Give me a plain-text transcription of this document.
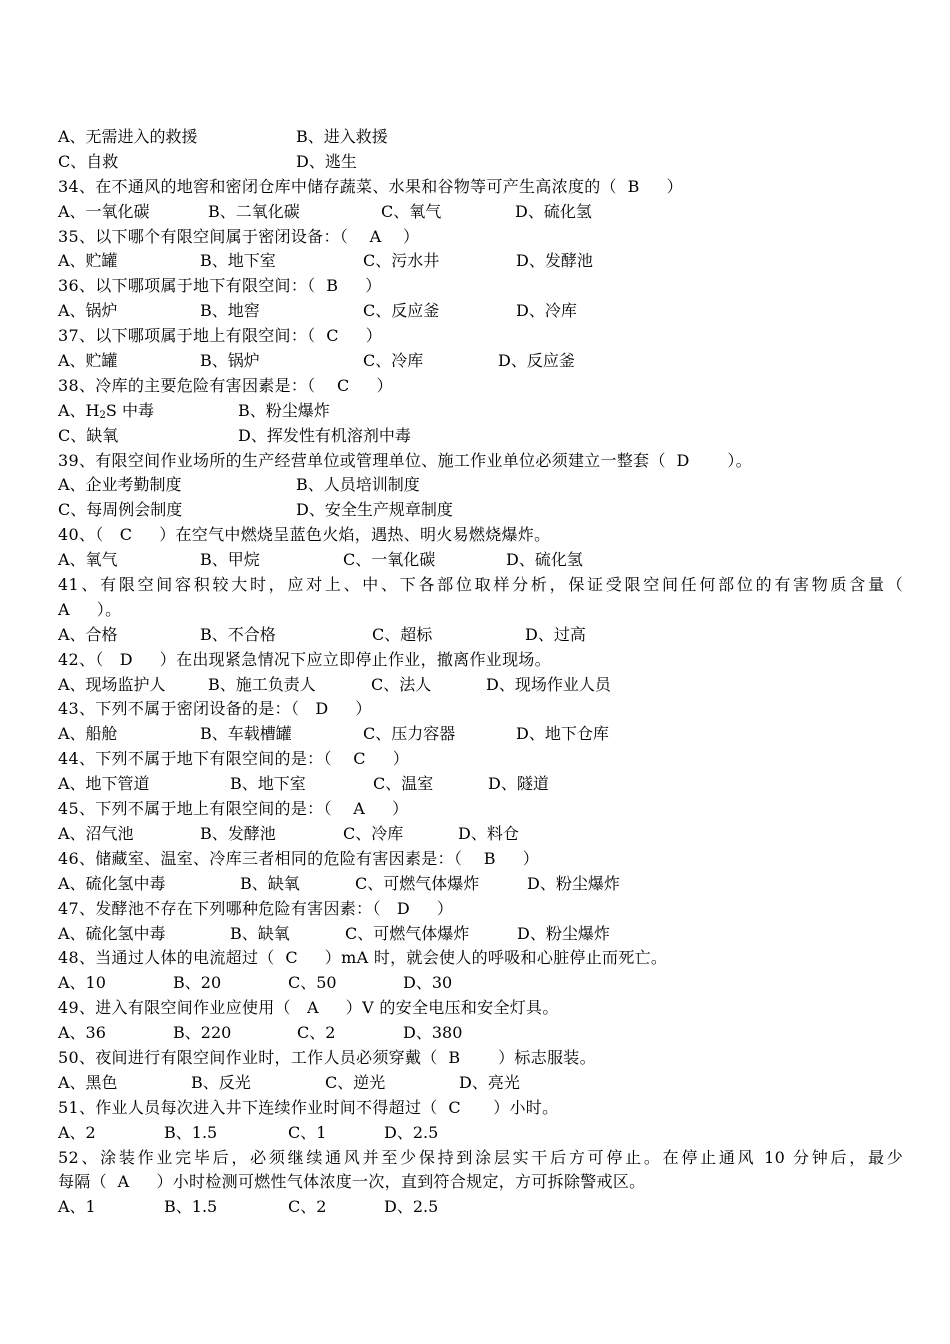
A、无需进入的救援	B、进入救援
C、自救	D、逃生
34、在不通风的地窖和密闭仓库中储存蔬菜、水果和谷物等可产生高浓度的（  B     ）
A、一氧化碳	B、二氧化碳	C、氧气	D、硫化氢
35、以下哪个有限空间属于密闭设备：（    A    ）
A、贮罐	B、地下室	C、污水井	D、发酵池
36、以下哪项属于地下有限空间：（  B     ）
A、锅炉	B、地窖	C、反应釜	D、冷库
37、以下哪项属于地上有限空间：（  C     ）
A、贮罐	B、锅炉	C、冷库	D、反应釜
38、冷库的主要危险有害因素是：（    C     ）
A、$H_2S$ 中毒	B、粉尘爆炸
C、缺氧	D、挥发性有机溶剂中毒
39、有限空间作业场所的生产经营单位或管理单位、施工作业单位必须建立一整套（  D       ）。
A、企业考勤制度	B、人员培训制度
C、每周例会制度	D、安全生产规章制度
40、（   C     ）在空气中燃烧呈蓝色火焰，遇热、明火易燃烧爆炸。
A、氧气	B、甲烷	C、一氧化碳	D、硫化氢
41、有限空间容积较大时，应对上、中、下各部位取样分析，保证受限空间任何部位的有害物质含量（
A     ）。
A、合格	B、不合格	C、超标	D、过高
42、（   D     ）在出现紧急情况下应立即停止作业，撤离作业现场。
A、现场监护人	B、施工负责人	C、法人	D、现场作业人员
43、下列不属于密闭设备的是：（   D     ）
A、船舱	B、车载槽罐	C、压力容器	D、地下仓库
44、下列不属于地下有限空间的是：（    C     ）
A、地下管道	B、地下室	C、温室	D、隧道
45、下列不属于地上有限空间的是：（    A     ）
A、沼气池	B、发酵池	C、冷库	D、料仓
46、储藏室、温室、冷库三者相同的危险有害因素是：（    B     ）
A、硫化氢中毒	B、缺氧	C、可燃气体爆炸	D、粉尘爆炸
47、发酵池不存在下列哪种危险有害因素：（   D     ）
A、硫化氢中毒	B、缺氧	C、可燃气体爆炸	D、粉尘爆炸
48、当通过人体的电流超过（  C     ）mA 时，就会使人的呼吸和心脏停止而死亡。
A、10	B、20	C、50	D、30
49、进入有限空间作业应使用（   A     ）V 的安全电压和安全灯具。
A、36	B、220	C、2	D、380
50、夜间进行有限空间作业时，工作人员必须穿戴（  B       ）标志服装。
A、黑色	B、反光	C、逆光	D、亮光
51、作业人员每次进入井下连续作业时间不得超过（  C      ）小时。
A、2	B、1.5	C、1	D、2.5
52、涂装作业完毕后，必须继续通风并至少保持到涂层实干后方可停止。在停止通风 10 分钟后，最少
每隔（  A     ）小时检测可燃性气体浓度一次，直到符合规定，方可拆除警戒区。
A、1	B、1.5	C、2	D、2.5
